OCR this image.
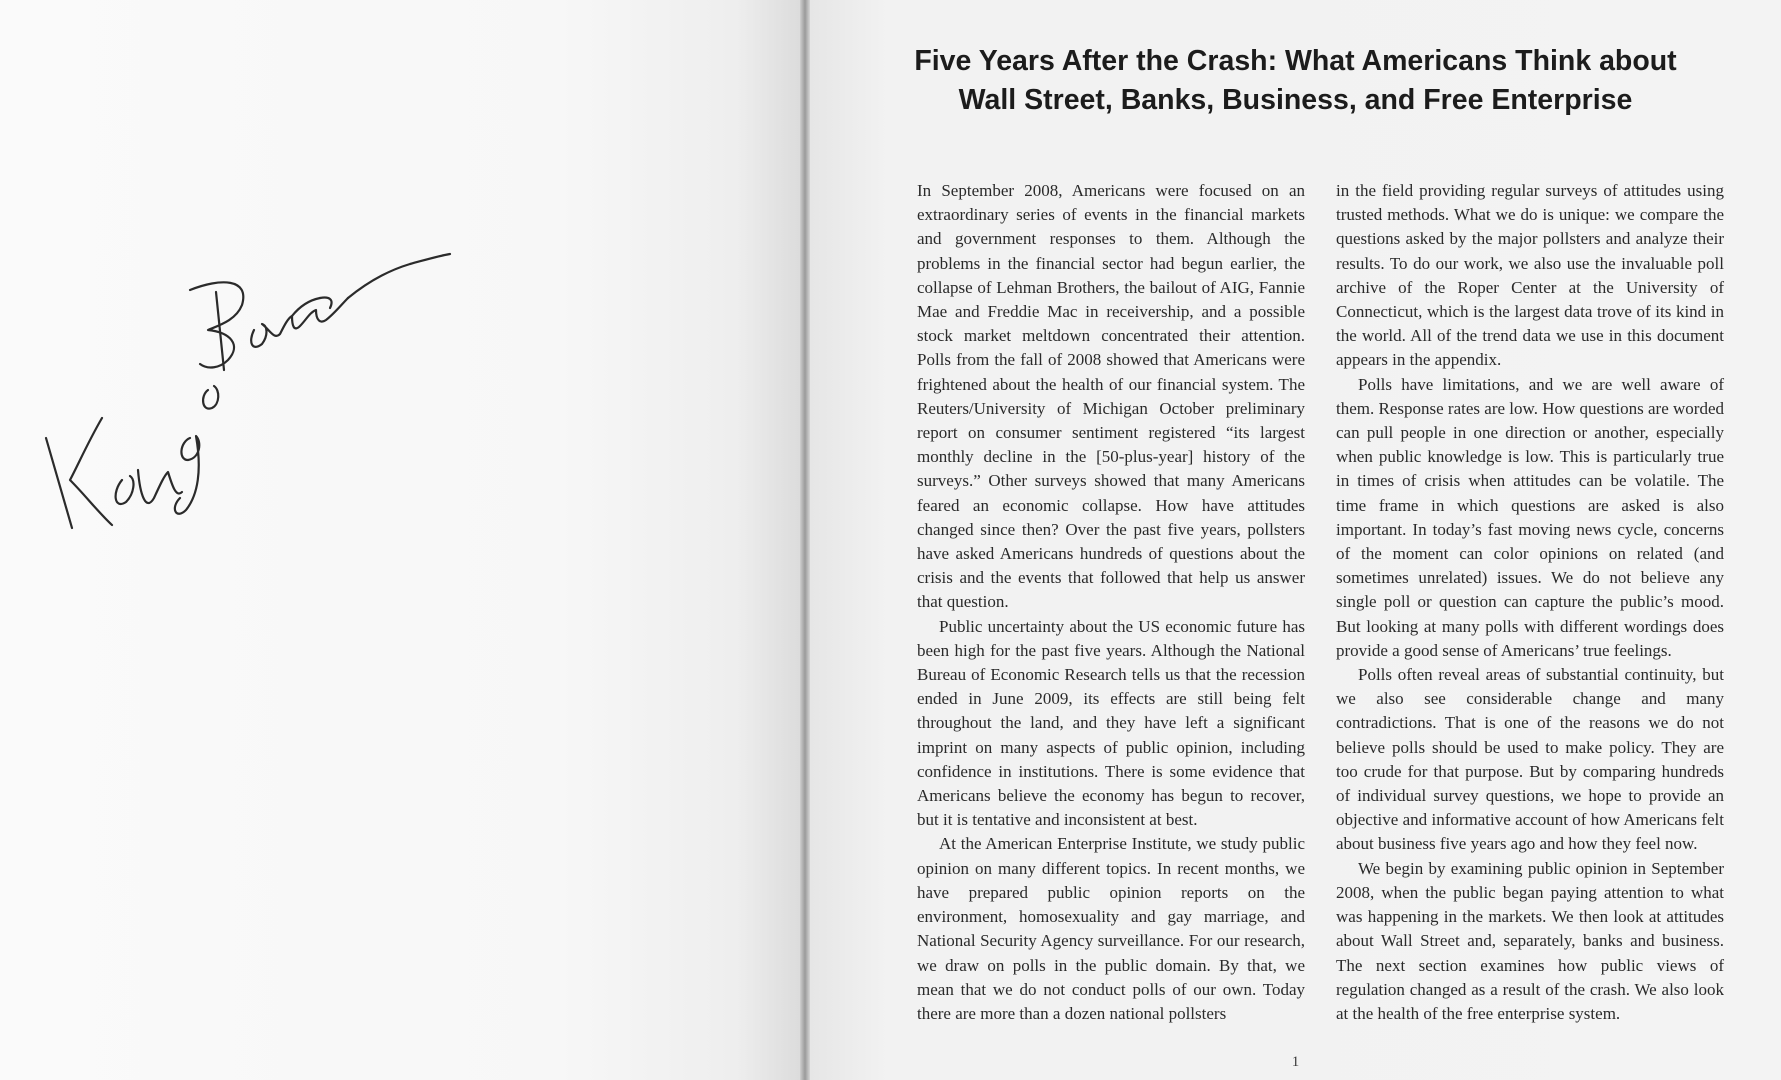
Five Years After the Crash: What Americans Think about
Wall Street, Banks, Business, and Free Enterprise

In September 2008, Americans were focused on an extraordinary series of events in the financial markets and government responses to them. Although the problems in the financial sector had begun earlier, the collapse of Lehman Brothers, the bailout of AIG, Fannie Mae and Freddie Mac in receivership, and a possible stock market meltdown concentrated their attention. Polls from the fall of 2008 showed that Americans were frightened about the health of our financial system. The Reuters/University of Michigan October preliminary report on consumer sentiment registered “its largest monthly decline in the [50-plus-year] history of the surveys.” Other surveys showed that many Americans feared an economic collapse. How have attitudes changed since then? Over the past five years, pollsters have asked Americans hundreds of questions about the crisis and the events that followed that help us answer that question.

Public uncertainty about the US economic future has been high for the past five years. Although the National Bureau of Economic Research tells us that the recession ended in June 2009, its effects are still being felt throughout the land, and they have left a significant imprint on many aspects of public opinion, including confidence in institutions. There is some evidence that Americans believe the economy has begun to recover, but it is tentative and inconsistent at best.

At the American Enterprise Institute, we study public opinion on many different topics. In recent months, we have prepared public opinion reports on the environment, homosexuality and gay marriage, and National Security Agency surveillance. For our research, we draw on polls in the public domain. By that, we mean that we do not conduct polls of our own. Today there are more than a dozen national pollsters

in the field providing regular surveys of attitudes using trusted methods. What we do is unique: we compare the questions asked by the major pollsters and analyze their results. To do our work, we also use the invaluable poll archive of the Roper Center at the University of Connecticut, which is the largest data trove of its kind in the world. All of the trend data we use in this document appears in the appendix.

Polls have limitations, and we are well aware of them. Response rates are low. How questions are worded can pull people in one direction or another, especially when public knowledge is low. This is particularly true in times of crisis when attitudes can be volatile. The time frame in which questions are asked is also important. In today’s fast moving news cycle, concerns of the moment can color opinions on related (and sometimes unrelated) issues. We do not believe any single poll or question can capture the public’s mood. But looking at many polls with different wordings does provide a good sense of Americans’ true feelings.

Polls often reveal areas of substantial continuity, but we also see considerable change and many contradictions. That is one of the reasons we do not believe polls should be used to make policy. They are too crude for that purpose. But by comparing hundreds of individual survey questions, we hope to provide an objective and informative account of how Americans felt about business five years ago and how they feel now.

We begin by examining public opinion in September 2008, when the public began paying attention to what was happening in the markets. We then look at attitudes about Wall Street and, separately, banks and business. The next section examines how public views of regulation changed as a result of the crash. We also look at the health of the free enterprise system.

1
